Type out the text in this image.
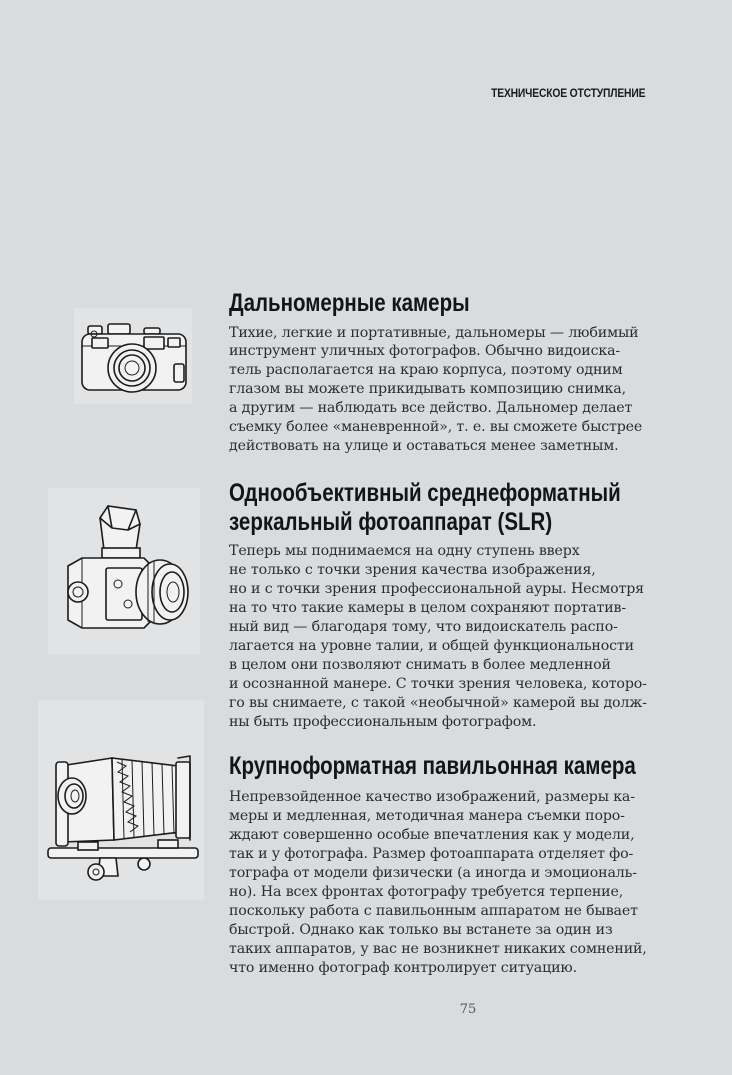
ТЕХНИЧЕСКОЕ ОТСТУПЛЕНИЕ
Дальномерные камеры
Тихие, легкие и портативные, дальномеры — любимый
инструмент уличных фотографов. Обычно видоиска-
тель располагается на краю корпуса, поэтому одним
глазом вы можете прикидывать композицию снимка,
а другим — наблюдать все действо. Дальномер делает
съемку более «маневренной», т. е. вы сможете быстрее
действовать на улице и оставаться менее заметным.
Однообъективный среднеформатный
зеркальный фотоаппарат (SLR)
Теперь мы поднимаемся на одну ступень вверх
не только с точки зрения качества изображения,
но и с точки зрения профессиональной ауры. Несмотря
на то что такие камеры в целом сохраняют портатив-
ный вид — благодаря тому, что видоискатель распо-
лагается на уровне талии, и общей функциональности
в целом они позволяют снимать в более медленной
и осознанной манере. С точки зрения человека, которо-
го вы снимаете, с такой «необычной» камерой вы долж-
ны быть профессиональным фотографом.
Крупноформатная павильонная камера
Непревзойденное качество изображений, размеры ка-
меры и медленная, методичная манера съемки поро-
ждают совершенно особые впечатления как у модели,
так и у фотографа. Размер фотоаппарата отделяет фо-
тографа от модели физически (а иногда и эмоциональ-
но). На всех фронтах фотографу требуется терпение,
поскольку работа с павильонным аппаратом не бывает
быстрой. Однако как только вы встанете за один из
таких аппаратов, у вас не возникнет никаких сомнений,
что именно фотограф контролирует ситуацию.
75
